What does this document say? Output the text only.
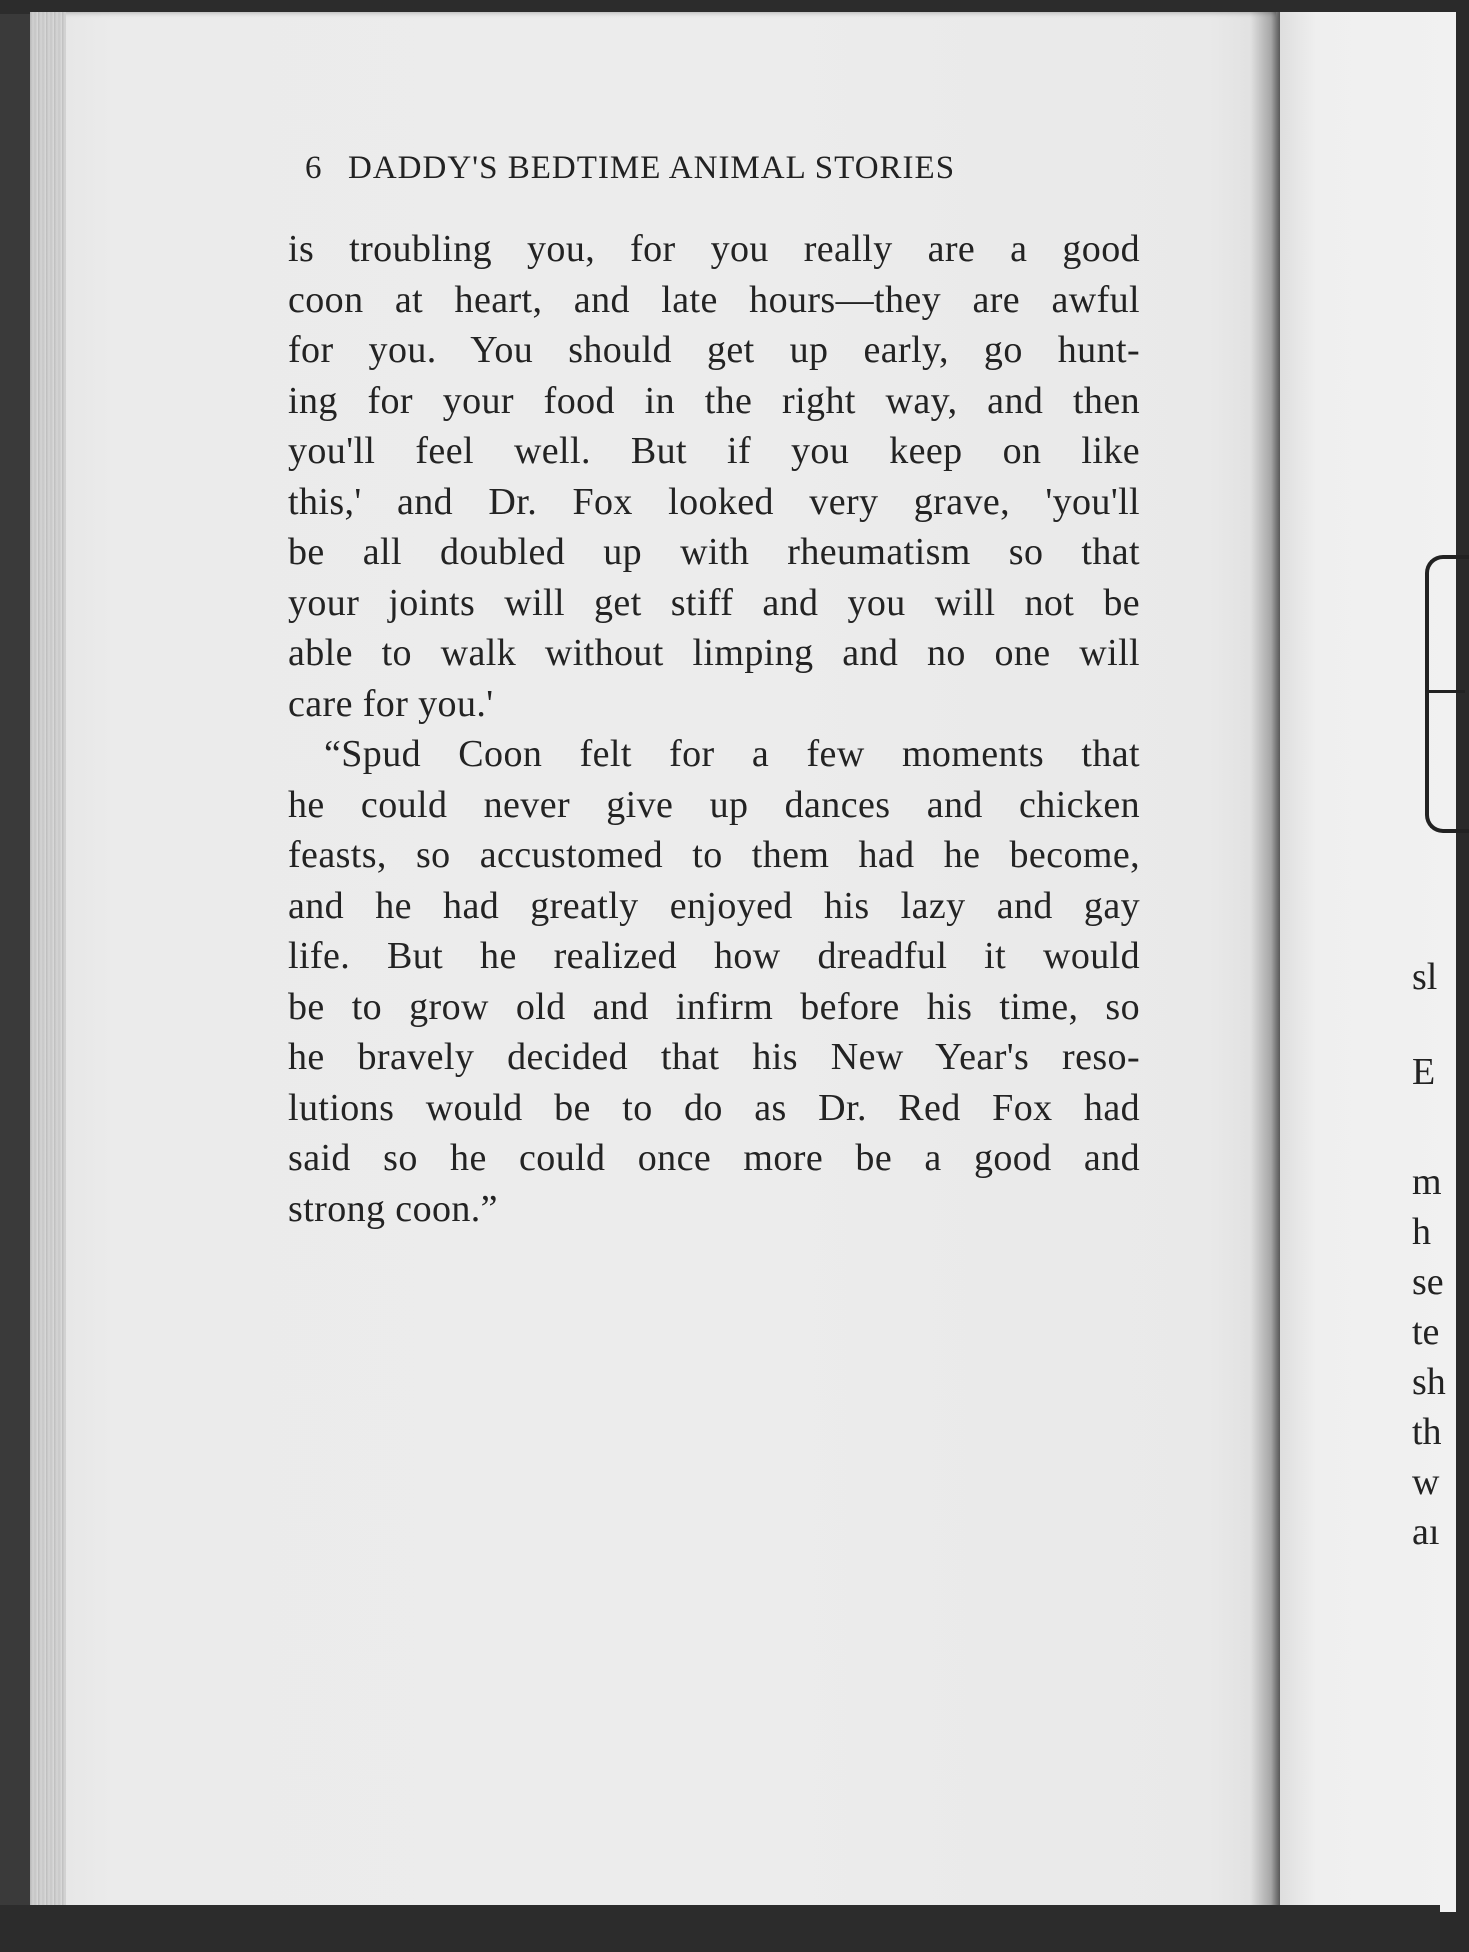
6 DADDY'S BEDTIME ANIMAL STORIES
is troubling you, for you really are a good
coon at heart, and late hours—they are awful
for you. You should get up early, go hunt-
ing for your food in the right way, and then
you'll feel well. But if you keep on like
this,' and Dr. Fox looked very grave, 'you'll
be all doubled up with rheumatism so that
your joints will get stiff and you will not be
able to walk without limping and no one will
care for you.'
“Spud Coon felt for a few moments that
he could never give up dances and chicken
feasts, so accustomed to them had he become,
and he had greatly enjoyed his lazy and gay
life. But he realized how dreadful it would
be to grow old and infirm before his time, so
he bravely decided that his New Year's reso-
lutions would be to do as Dr. Red Fox had
said so he could once more be a good and
strong coon.”
sl
E
m
h
se
te
sh
th
w
aı
